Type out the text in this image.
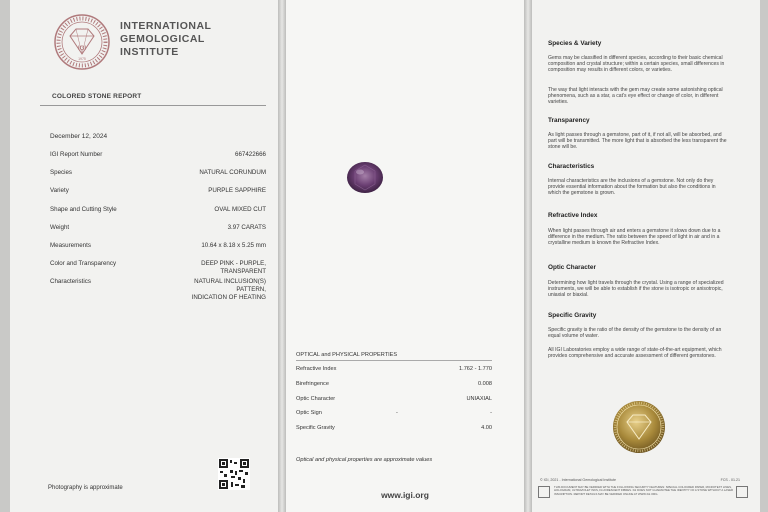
IGI
1975
INTERNATIONAL
GEMOLOGICAL
INSTITUTE
COLORED STONE REPORT
December 12, 2024
IGI Report Number	667422666
Species	NATURAL CORUNDUM
Variety	PURPLE SAPPHIRE
Shape and Cutting Style	OVAL MIXED CUT
Weight	3.97 CARATS
Measurements	10.64 x 8.18 x 5.25 mm
Color and Transparency	DEEP PINK - PURPLE,
TRANSPARENT
Characteristics	NATURAL INCLUSION(S)
PATTERN,
INDICATION OF HEATING
Photography is approximate
OPTICAL and PHYSICAL PROPERTIES
Refractive Index	1.762 - 1.770
Birefringence	0.008
Optic Character	UNIAXIAL
Optic Sign	-	-
Specific Gravity	4.00
Optical and physical properties are approximate values
www.igi.org
Species & Variety
Gems may be classified in different species, according to their basic chemical composition and crystal structure; within a certain species, small differences in composition may results in different colors, or varieties.
The way that light interacts with the gem may create some astonishing optical phenomena, such as a star, a cat's eye effect or change of color, in different varieties.
Transparency
As light passes through a gemstone, part of it, if not all, will be absorbed, and part will be transmitted. The more light that is absorbed the less transparent the stone will be.
Characteristics
Internal characteristics are the inclusions of a gemstone. Not only do they provide essential information about the formation but also the conditions in which the gemstone is grown.
Refractive Index
When light passes through air and enters a gemstone it slows down due to a difference in the medium. The ratio between the speed of light in air and in a crystalline medium is known the Refractive Index.
Optic Character
Determining how light travels through the crystal. Using a range of specialized instruments, we will be able to establish if the stone is isotropic or anisotropic, uniaxial or biaxial.
Specific Gravity
Specific gravity is the ratio of the density of the gemstone to the density of an equal volume of water.
All IGI Laboratories employ a wide range of state-of-the-art equipment, which provides comprehensive and accurate assessment of different gemstones.
© IGI, 2021 - International Gemological Institute	FCS - 01.21
THIS DOCUMENT MAY BE VERIFIED WITH THE FOLLOWING SECURITY FEATURES: SPECIAL COLOURED PAPER, MICROTEXT LINES, HOLOGRAM, ULTRAVIOLET INKS, FLUORESCENT FIBRES. IGI DOES NOT GUARANTEE THE IDENTITY OF A STONE WITHOUT A LASER INSCRIPTION. REPORT DETAILS MAY BE VERIFIED ONLINE AT WWW.IGI.ORG.
